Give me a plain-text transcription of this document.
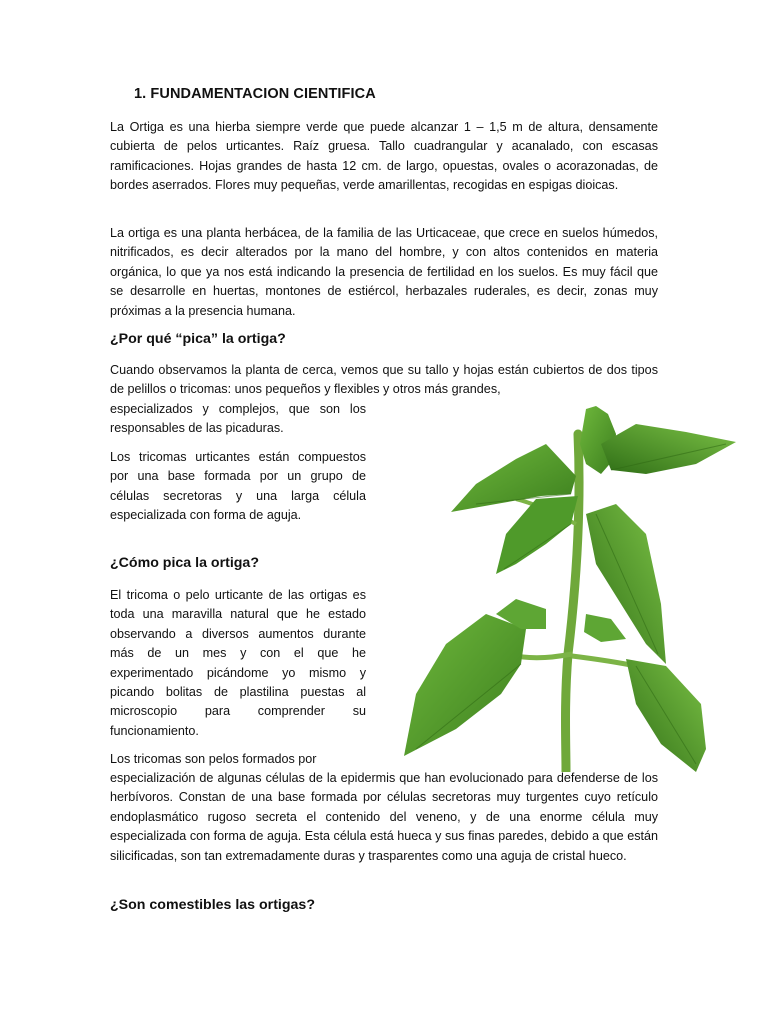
1. FUNDAMENTACION CIENTIFICA

La Ortiga es una hierba siempre verde que puede alcanzar 1 – 1,5 m de altura, densamente cubierta de pelos urticantes. Raíz gruesa. Tallo cuadrangular y acanalado, con escasas ramificaciones. Hojas grandes de hasta 12 cm. de largo, opuestas, ovales o acorazonadas, de bordes aserrados. Flores muy pequeñas, verde amarillentas, recogidas en espigas dioicas.

La ortiga es una planta herbácea, de la familia de las Urticaceae, que crece en suelos húmedos, nitrificados, es decir alterados por la mano del hombre, y con altos contenidos en materia orgánica, lo que ya nos está indicando la presencia de fertilidad en los suelos. Es muy fácil que se desarrolle en huertas, montones de estiércol, herbazales ruderales, es decir, zonas muy próximas a la presencia humana.

¿Por qué “pica” la ortiga?

Cuando observamos la planta de cerca, vemos que su tallo y hojas están cubiertos de dos tipos de pelillos o tricomas: unos pequeños y flexibles y otros más grandes,

especializados y complejos, que son los responsables de las picaduras.

Los tricomas urticantes están compuestos por una base formada por un grupo de células secretoras y una larga célula especializada con forma de aguja.

¿Cómo pica la ortiga?

El tricoma o pelo urticante de las ortigas es toda una maravilla natural que he estado observando a diversos aumentos durante más de un mes y con el que he experimentado picándome yo mismo y picando bolitas de plastilina puestas al microscopio para comprender su funcionamiento.

Los tricomas son pelos formados por

especialización de algunas células de la epidermis que han evolucionado para defenderse de los herbívoros. Constan de una base formada por células secretoras muy turgentes cuyo retículo endoplasmático rugoso secreta el contenido del veneno, y de una enorme célula muy especializada con forma de aguja. Esta célula está hueca y sus finas paredes, debido a que están silicificadas, son tan extremadamente duras y trasparentes como una aguja de cristal hueco.

¿Son comestibles las ortigas?
